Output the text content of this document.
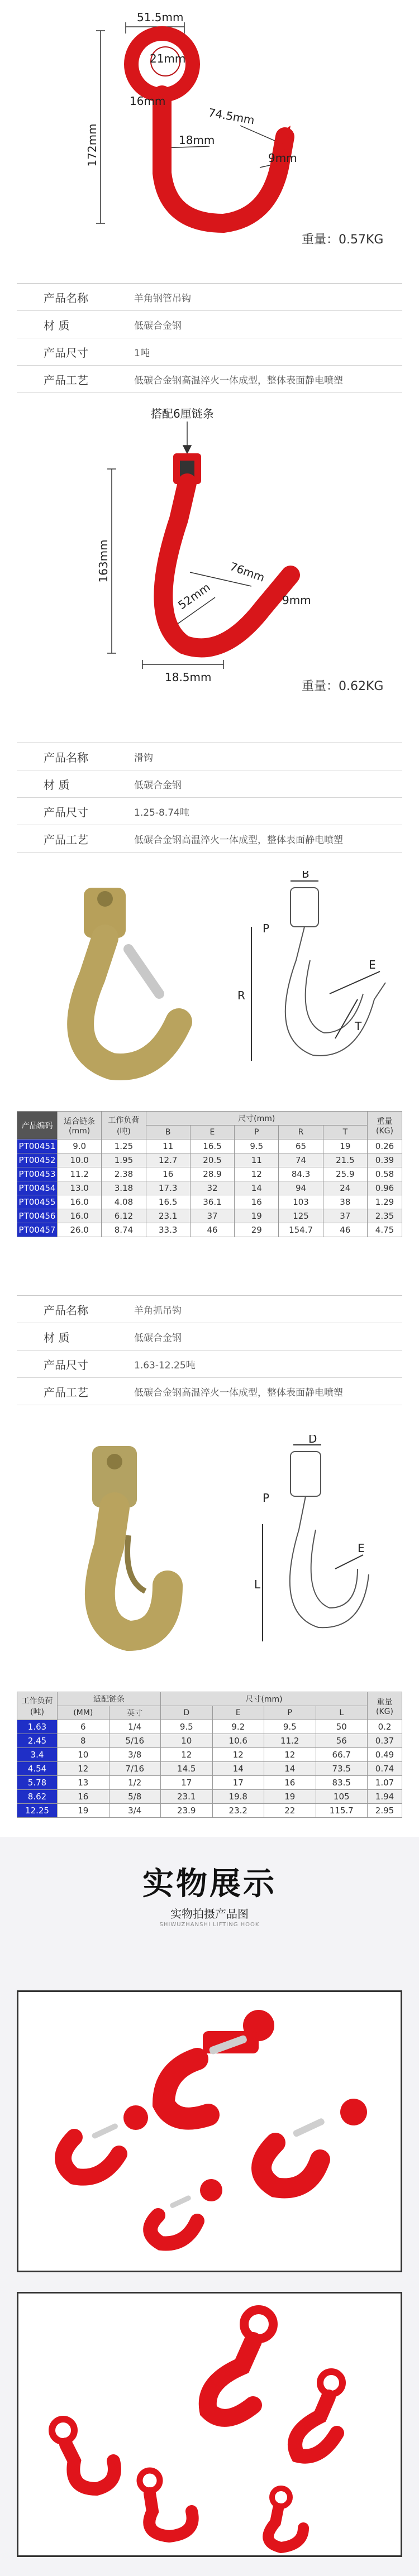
51.5mm
21mm
16mm
74.5mm
18mm
9mm
172mm
重量：0.57KG
产品名称	羊角钢管吊钩
材 质	低碳合金钢
产品尺寸	1吨
产品工艺	低碳合金钢高温淬火一体成型，整体表面静电喷塑
搭配6厘链条
163mm	76mm
52mm	9mm
18.5mm
重量：0.62KG
产品名称	滑钩
材 质	低碳合金钢
产品尺寸	1.25-8.74吨
产品工艺	低碳合金钢高温淬火一体成型，整体表面静电喷塑
B
P
R
E
T
产品编码	适合链条 (mm)	工作负荷 (吨)	尺寸(mm)					重量 (KG)
			B	E	P	R	T	
PT00451	9.0	1.25	11	16.5	9.5	65	19	0.26
PT00452	10.0	1.95	12.7	20.5	11	74	21.5	0.39
PT00453	11.2	2.38	16	28.9	12	84.3	25.9	0.58
PT00454	13.0	3.18	17.3	32	14	94	24	0.96
PT00455	16.0	4.08	16.5	36.1	16	103	38	1.29
PT00456	16.0	6.12	23.1	37	19	125	37	2.35
PT00457	26.0	8.74	33.3	46	29	154.7	46	4.75
产品名称	羊角抓吊钩
材 质	低碳合金钢
产品尺寸	1.63-12.25吨
产品工艺	低碳合金钢高温淬火一体成型，整体表面静电喷塑
D
P
E
L
工作负荷 (吨)	适配链条		尺寸(mm)				重量 (KG)
	(MM)	英寸	D	E	P	L	
1.63	6	1/4	9.5	9.2	9.5	50	0.2
2.45	8	5/16	10	10.6	11.2	56	0.37
3.4	10	3/8	12	12	12	66.7	0.49
4.54	12	7/16	14.5	14	14	73.5	0.74
5.78	13	1/2	17	17	16	83.5	1.07
8.62	16	5/8	23.1	19.8	19	105	1.94
12.25	19	3/4	23.9	23.2	22	115.7	2.95
实物展示
实物拍摄产品图
SHIWUZHANSHI LIFTING HOOK
